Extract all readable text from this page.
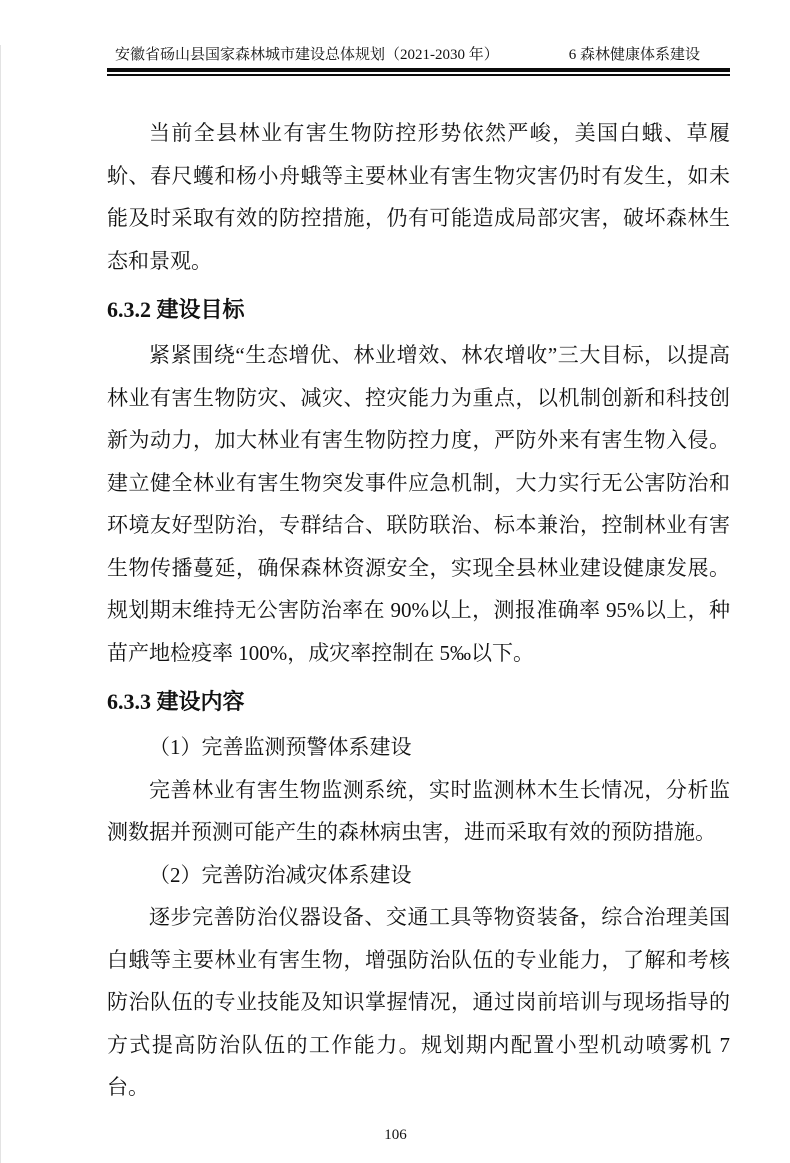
安徽省砀山县国家森林城市建设总体规划（2021-2030 年）	6 森林健康体系建设

当前全县林业有害生物防控形势依然严峻，美国白蛾、草履蚧、春尺蠖和杨小舟蛾等主要林业有害生物灾害仍时有发生，如未能及时采取有效的防控措施，仍有可能造成局部灾害，破坏森林生态和景观。

6.3.2 建设目标

紧紧围绕“生态增优、林业增效、林农增收”三大目标，以提高林业有害生物防灾、减灾、控灾能力为重点，以机制创新和科技创新为动力，加大林业有害生物防控力度，严防外来有害生物入侵。建立健全林业有害生物突发事件应急机制，大力实行无公害防治和环境友好型防治，专群结合、联防联治、标本兼治，控制林业有害生物传播蔓延，确保森林资源安全，实现全县林业建设健康发展。规划期末维持无公害防治率在 90%以上，测报准确率 95%以上，种苗产地检疫率 100%，成灾率控制在 5‰以下。

6.3.3 建设内容

（1）完善监测预警体系建设

完善林业有害生物监测系统，实时监测林木生长情况，分析监测数据并预测可能产生的森林病虫害，进而采取有效的预防措施。

（2）完善防治减灾体系建设

逐步完善防治仪器设备、交通工具等物资装备，综合治理美国白蛾等主要林业有害生物，增强防治队伍的专业能力，了解和考核防治队伍的专业技能及知识掌握情况，通过岗前培训与现场指导的方式提高防治队伍的工作能力。规划期内配置小型机动喷雾机 7 台。

106
